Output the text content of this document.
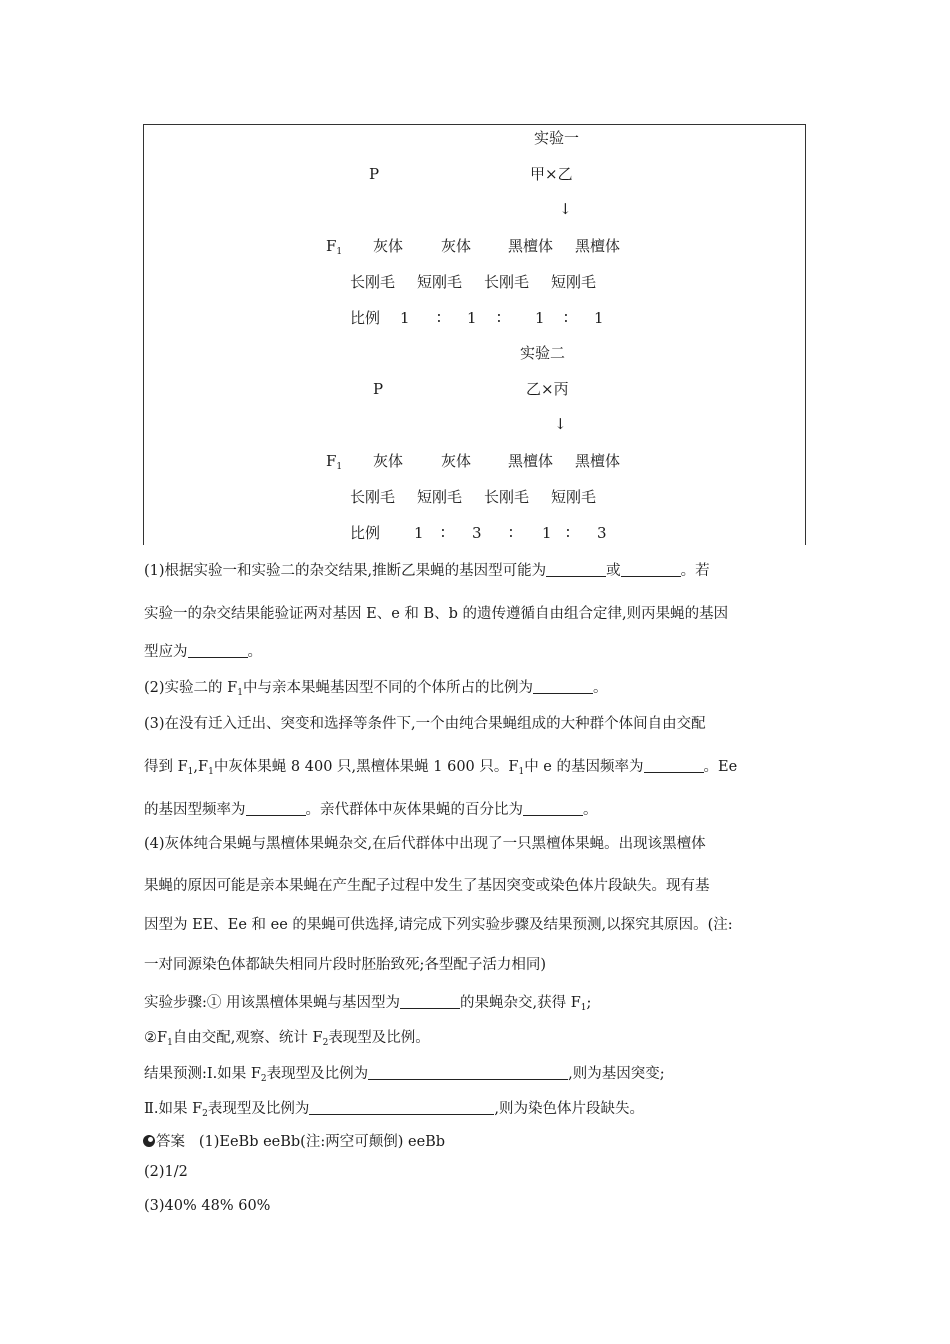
实验一
P	甲×乙
↓
$F_1$ 灰体	灰体 黑檀体 黑檀体
长刚毛 短刚毛 长刚毛 短刚毛
比例 1 ∶ 1 ∶ 1 ∶ 1
实验二
P	乙×丙
↓
$F_1$ 灰体	灰体 黑檀体 黑檀体
长刚毛 短刚毛 长刚毛 短刚毛
比例 1 ∶ 3 ∶ 1 ∶ 3
(1)根据实验一和实验二的杂交结果,推断乙果蝇的基因型可能为	或	。若
实验一的杂交结果能验证两对基因 E、e 和 B、b 的遗传遵循自由组合定律,则丙果蝇的基因
型应为	。
(2)实验二的 $F_1$中与亲本果蝇基因型不同的个体所占的比例为	。
(3)在没有迁入迁出、突变和选择等条件下,一个由纯合果蝇组成的大种群个体间自由交配
得到 $F_1,F_1$中灰体果蝇 8 400 只,黑檀体果蝇 1 600 只。$F_1$中 e 的基因频率为	。Ee
的基因型频率为	。亲代群体中灰体果蝇的百分比为	。
(4)灰体纯合果蝇与黑檀体果蝇杂交,在后代群体中出现了一只黑檀体果蝇。出现该黑檀体
果蝇的原因可能是亲本果蝇在产生配子过程中发生了基因突变或染色体片段缺失。现有基
因型为 EE、Ee 和 ee 的果蝇可供选择,请完成下列实验步骤及结果预测,以探究其原因。(注:
一对同源染色体都缺失相同片段时胚胎致死;各型配子活力相同)
实验步骤:① 用该黑檀体果蝇与基因型为	的果蝇杂交,获得 $F_1$;
$②F_1$自由交配,观察、统计 $F_2$表现型及比例。
结果预测:Ⅰ.如果 $F_2$表现型及比例为	,则为基因突变;
Ⅱ.如果 $F_2$表现型及比例为	,则为染色体片段缺失。
答案 (1)EeBb eeBb(注:两空可颠倒) eeBb
(2)1/2
(3)40% 48% 60%
